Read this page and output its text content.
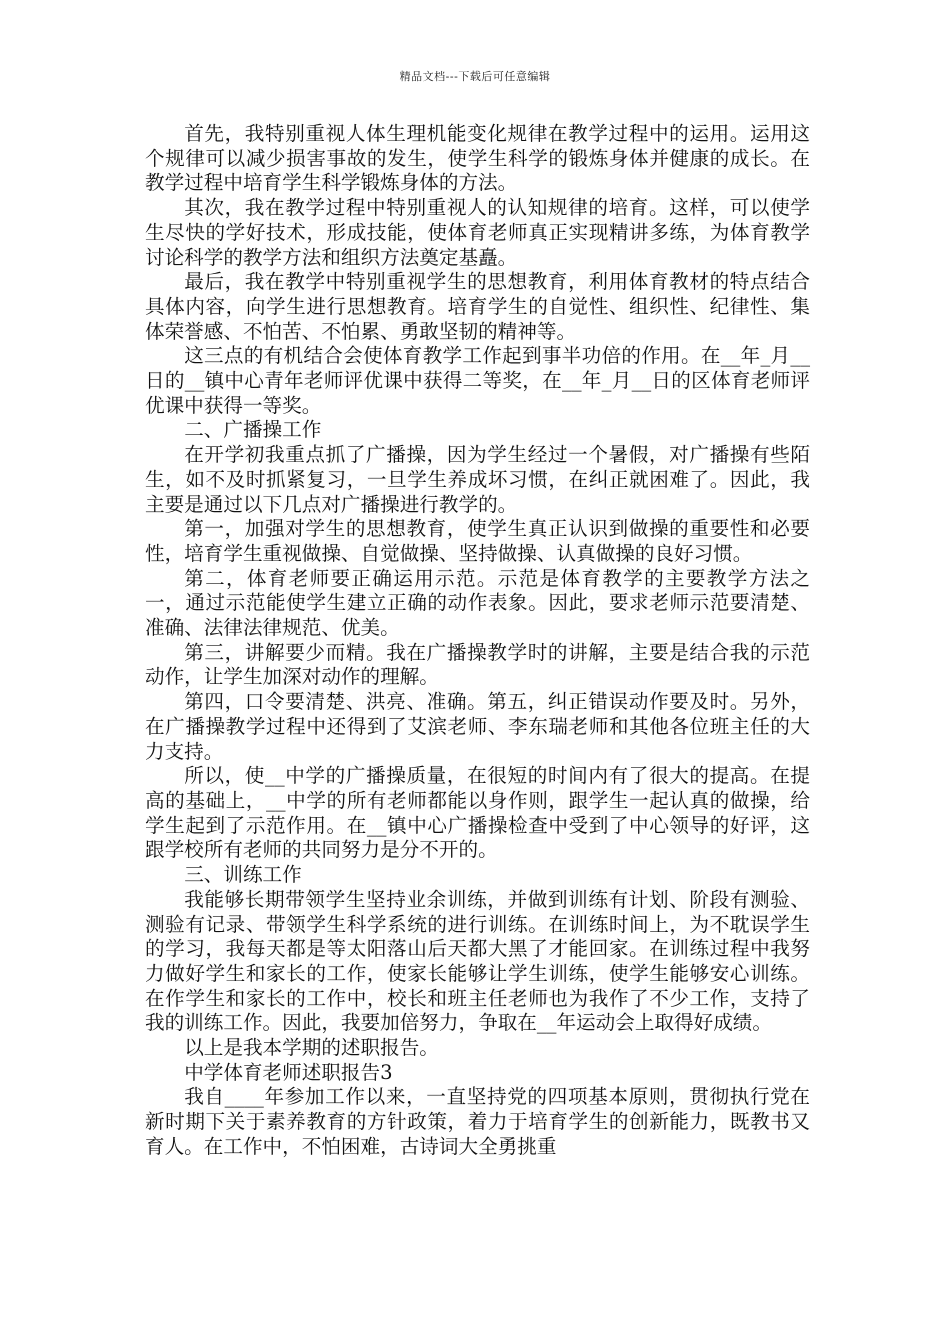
精品文档---下载后可任意编辑

首先，我特别重视人体生理机能变化规律在教学过程中的运用。运用这个规律可以减少损害事故的发生，使学生科学的锻炼身体并健康的成长。在教学过程中培育学生科学锻炼身体的方法。

其次，我在教学过程中特别重视人的认知规律的培育。这样，可以使学生尽快的学好技术，形成技能，使体育老师真正实现精讲多练，为体育教学讨论科学的教学方法和组织方法奠定基矗。

最后，我在教学中特别重视学生的思想教育，利用体育教材的特点结合具体内容，向学生进行思想教育。培育学生的自觉性、组织性、纪律性、集体荣誉感、不怕苦、不怕累、勇敢坚韧的精神等。

这三点的有机结合会使体育教学工作起到事半功倍的作用。在__年_月__日的__镇中心青年老师评优课中获得二等奖，在__年_月__日的区体育老师评优课中获得一等奖。

二、广播操工作

在开学初我重点抓了广播操，因为学生经过一个暑假，对广播操有些陌生，如不及时抓紧复习，一旦学生养成坏习惯，在纠正就困难了。因此，我主要是通过以下几点对广播操进行教学的。

第一，加强对学生的思想教育，使学生真正认识到做操的重要性和必要性，培育学生重视做操、自觉做操、坚持做操、认真做操的良好习惯。

第二，体育老师要正确运用示范。示范是体育教学的主要教学方法之一，通过示范能使学生建立正确的动作表象。因此，要求老师示范要清楚、准确、法律法律规范、优美。

第三，讲解要少而精。我在广播操教学时的讲解，主要是结合我的示范动作，让学生加深对动作的理解。

第四，口令要清楚、洪亮、准确。第五，纠正错误动作要及时。另外，在广播操教学过程中还得到了艾滨老师、李东瑞老师和其他各位班主任的大力支持。

所以，使__中学的广播操质量，在很短的时间内有了很大的提高。在提高的基础上，__中学的所有老师都能以身作则，跟学生一起认真的做操，给学生起到了示范作用。在__镇中心广播操检查中受到了中心领导的好评，这跟学校所有老师的共同努力是分不开的。

三、训练工作

我能够长期带领学生坚持业余训练，并做到训练有计划、阶段有测验、测验有记录、带领学生科学系统的进行训练。在训练时间上，为不耽误学生的学习，我每天都是等太阳落山后天都大黑了才能回家。在训练过程中我努力做好学生和家长的工作，使家长能够让学生训练，使学生能够安心训练。在作学生和家长的工作中，校长和班主任老师也为我作了不少工作，支持了我的训练工作。因此，我要加倍努力，争取在__年运动会上取得好成绩。

以上是我本学期的述职报告。

中学体育老师述职报告3

我自____年参加工作以来，一直坚持党的四项基本原则，贯彻执行党在新时期下关于素养教育的方针政策，着力于培育学生的创新能力，既教书又育人。在工作中，不怕困难，古诗词大全勇挑重
